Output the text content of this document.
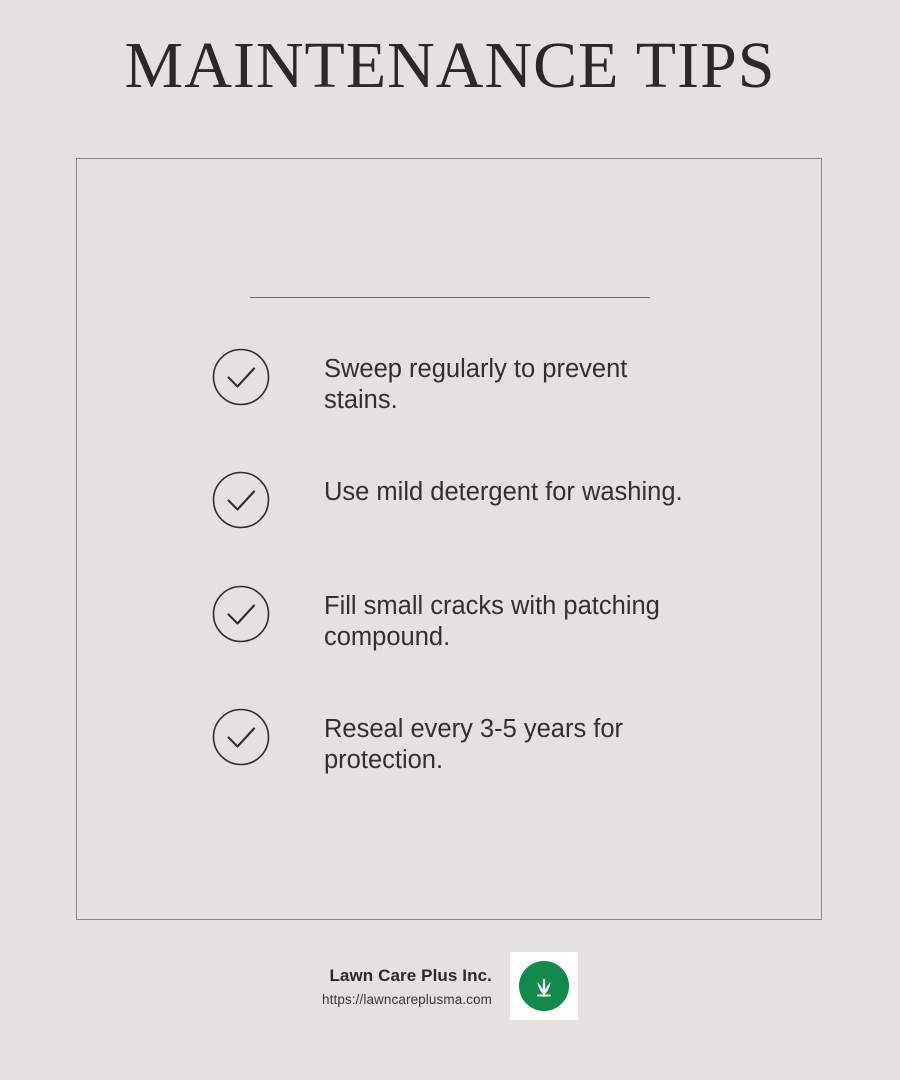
MAINTENANCE TIPS
Sweep regularly to prevent stains.
Use mild detergent for washing.
Fill small cracks with patching compound.
Reseal every 3-5 years for protection.
Lawn Care Plus Inc.
https://lawncareplusma.com
